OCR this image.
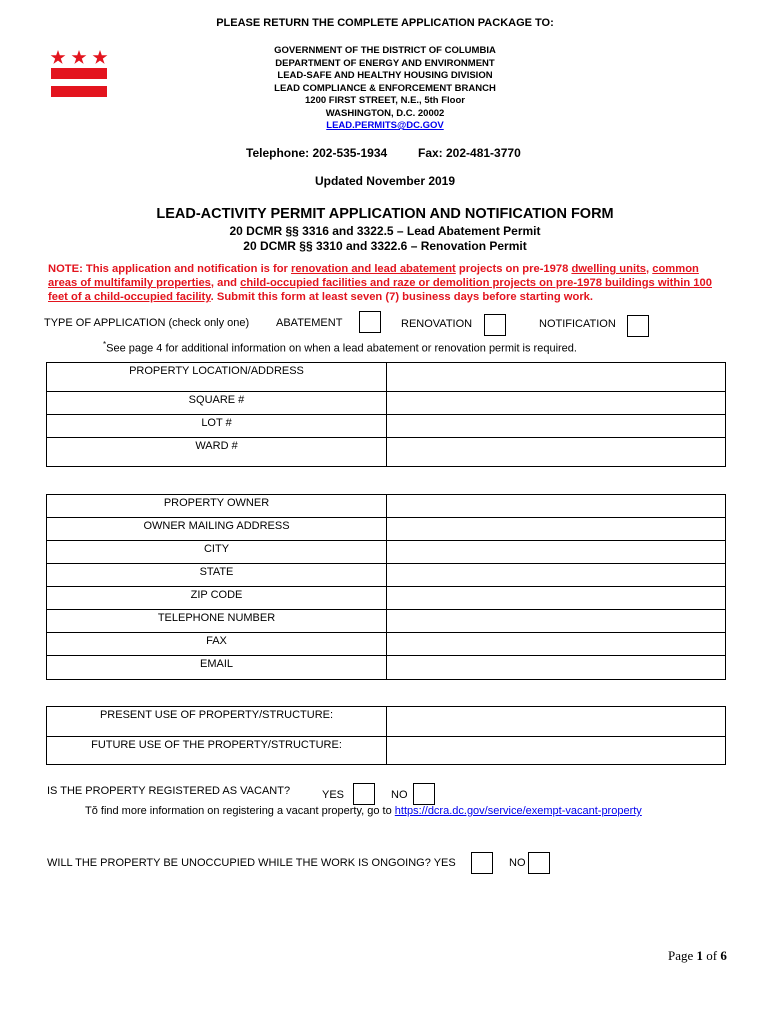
PLEASE RETURN THE COMPLETE APPLICATION PACKAGE TO:
GOVERNMENT OF THE DISTRICT OF COLUMBIA
DEPARTMENT OF ENERGY AND ENVIRONMENT
LEAD-SAFE AND HEALTHY HOUSING DIVISION
LEAD COMPLIANCE & ENFORCEMENT BRANCH
1200 FIRST STREET, N.E., 5th Floor
WASHINGTON, D.C. 20002
LEAD.PERMITS@DC.GOV
Telephone: 202-535-1934	Fax: 202-481-3770
Updated November 2019
LEAD-ACTIVITY PERMIT APPLICATION AND NOTIFICATION FORM
20 DCMR §§ 3316 and 3322.5 – Lead Abatement Permit
20 DCMR §§ 3310 and 3322.6 – Renovation Permit
NOTE: This application and notification is for renovation and lead abatement projects on pre-1978 dwelling units, common
areas of multifamily properties, and child-occupied facilities and raze or demolition projects on pre-1978 buildings within 100
feet of a child-occupied facility. Submit this form at least seven (7) business days before starting work.
TYPE OF APPLICATION (check only one) ABATEMENT	RENOVATION	NOTIFICATION
*See page 4 for additional information on when a lead abatement or renovation permit is required.
PROPERTY LOCATION/ADDRESS	
SQUARE #	
LOT #	
WARD #	
PROPERTY OWNER	
OWNER MAILING ADDRESS	
CITY	
STATE	
ZIP CODE	
TELEPHONE NUMBER	
FAX	
EMAIL	
PRESENT USE OF PROPERTY/STRUCTURE:	
FUTURE USE OF THE PROPERTY/STRUCTURE:	
IS THE PROPERTY REGISTERED AS VACANT?	YES	NO
Tŏ find more information on registering a vacant property, go to https://dcra.dc.gov/service/exempt-vacant-property
WILL THE PROPERTY BE UNOCCUPIED WHILE THE WORK IS ONGOING? YES	NO
Page 1 of 6
